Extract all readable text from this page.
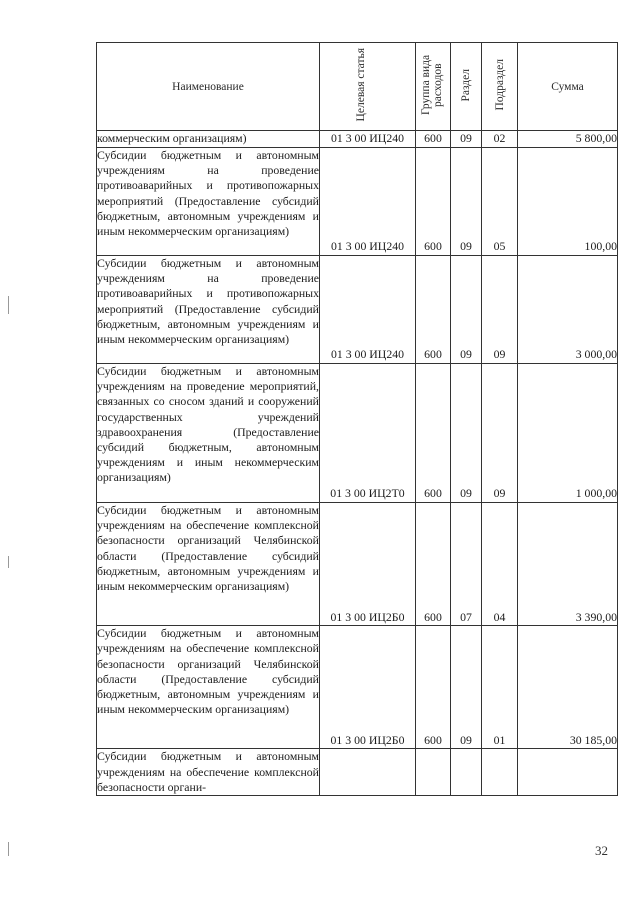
Наименование	Целевая статья	Группа вида расходов	Раздел	Подраздел	Сумма
коммерческим организациям)	01 3 00 ИЦ240	600	09	02	5 800,00

Субсидии бюджетным и автономным учреждениям на проведение противоаварийных и противопожарных мероприятий (Предоставление субсидий бюджетным, автономным учреждениям и иным некоммерческим организациям)	01 3 00 ИЦ240	600	09	05	100,00

Субсидии бюджетным и автономным учреждениям на проведение противоаварийных и противопожарных мероприятий (Предоставление субсидий бюджетным, автономным учреждениям и иным некоммерческим организациям)	01 3 00 ИЦ240	600	09	09	3 000,00

Субсидии бюджетным и автономным учреждениям на проведение мероприятий, связанных со сносом зданий и сооружений государственных учреждений здравоохранения (Предоставление субсидий бюджетным, автономным учреждениям и иным некоммерческим организациям)	01 3 00 ИЦ2Т0	600	09	09	1 000,00

Субсидии бюджетным и автономным учреждениям на обеспечение комплексной безопасности организаций Челябинской области (Предоставление субсидий бюджетным, автономным учреждениям и иным некоммерческим организациям)	01 3 00 ИЦ2Б0	600	07	04	3 390,00

Субсидии бюджетным и автономным учреждениям на обеспечение комплексной безопасности организаций Челябинской области (Предоставление субсидий бюджетным, автономным учреждениям и иным некоммерческим организациям)	01 3 00 ИЦ2Б0	600	09	01	30 185,00

Субсидии бюджетным и автономным учреждениям на обеспечение комплексной безопасности органи-					

32
